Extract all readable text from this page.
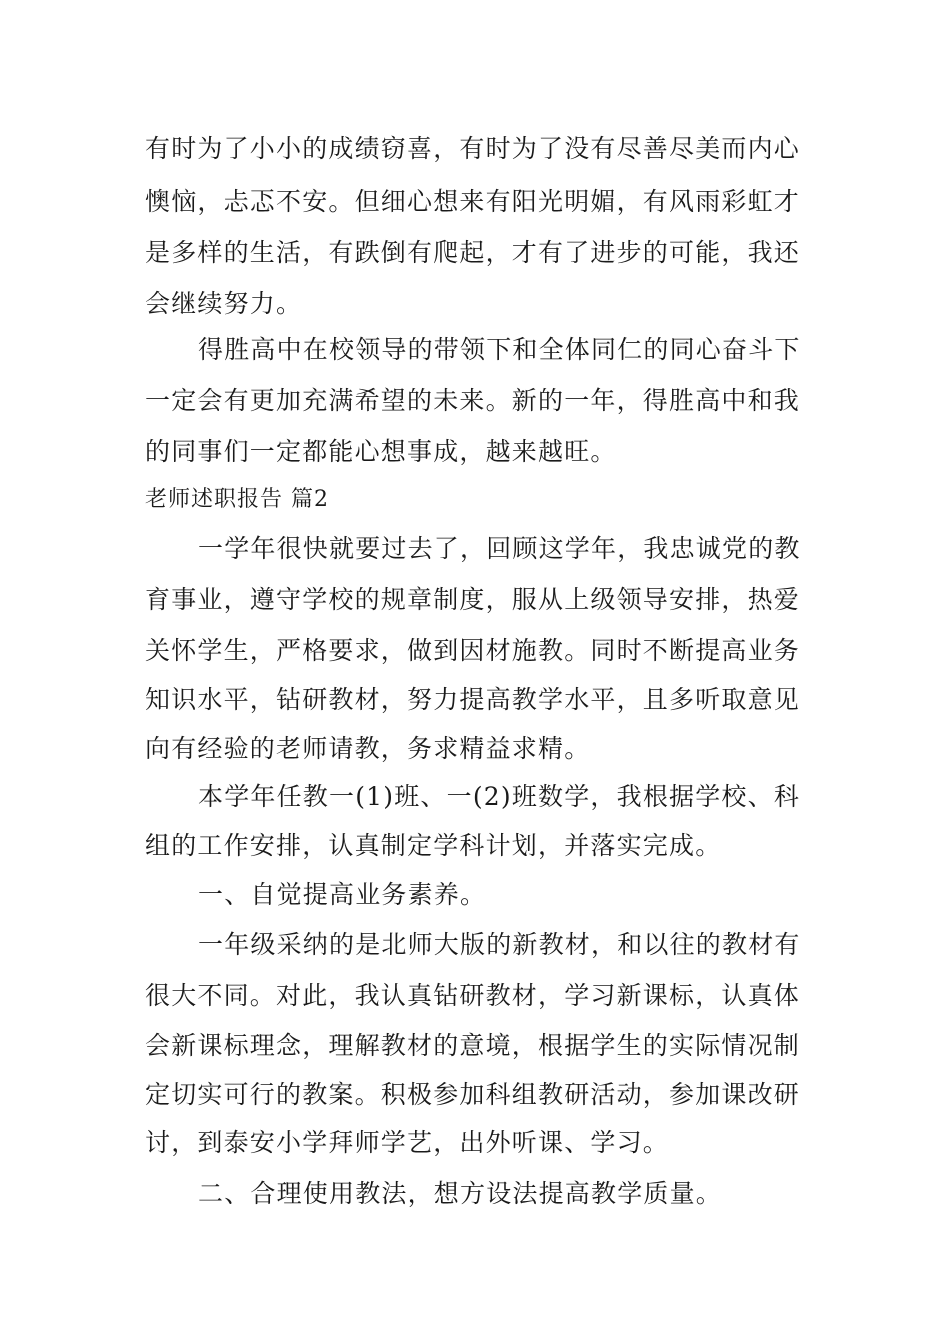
有时为了小小的成绩窃喜，有时为了没有尽善尽美而内心
懊恼，忐忑不安。但细心想来有阳光明媚，有风雨彩虹才
是多样的生活，有跌倒有爬起，才有了进步的可能，我还
会继续努力。
得胜高中在校领导的带领下和全体同仁的同心奋斗下
一定会有更加充满希望的未来。新的一年，得胜高中和我
的同事们一定都能心想事成，越来越旺。
老师述职报告 篇2
一学年很快就要过去了，回顾这学年，我忠诚党的教
育事业，遵守学校的规章制度，服从上级领导安排，热爱
关怀学生，严格要求，做到因材施教。同时不断提高业务
知识水平，钻研教材，努力提高教学水平，且多听取意见
向有经验的老师请教，务求精益求精。
本学年任教一(1)班、一(2)班数学，我根据学校、科
组的工作安排，认真制定学科计划，并落实完成。
一、自觉提高业务素养。
一年级采纳的是北师大版的新教材，和以往的教材有
很大不同。对此，我认真钻研教材，学习新课标，认真体
会新课标理念，理解教材的意境，根据学生的实际情况制
定切实可行的教案。积极参加科组教研活动，参加课改研
讨，到泰安小学拜师学艺，出外听课、学习。
二、合理使用教法，想方设法提高教学质量。
